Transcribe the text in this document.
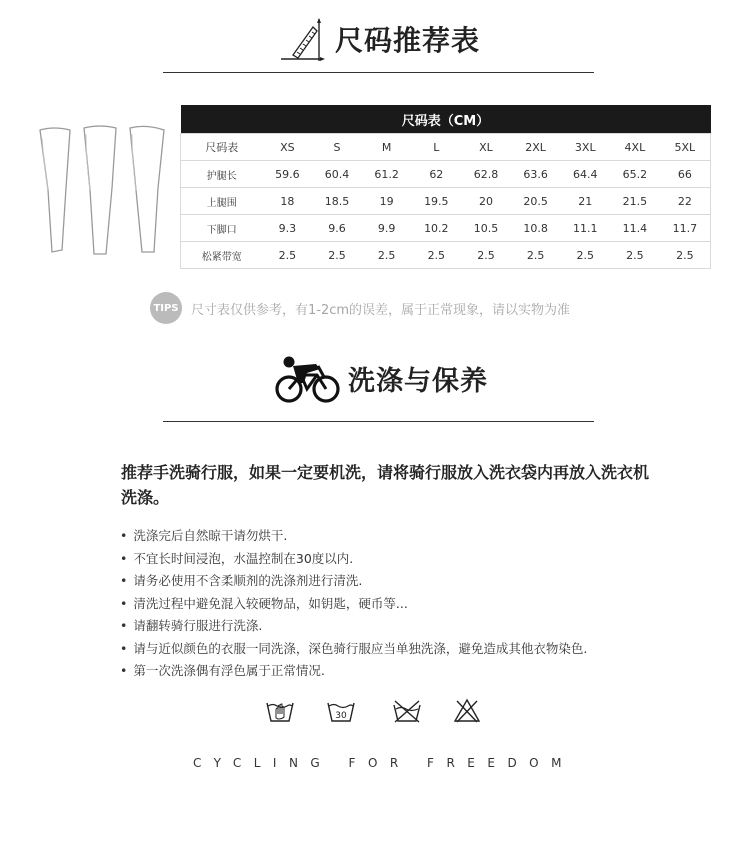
尺码推荐表
尺码表（CM）									
尺码表	XS	S	M	L	XL	2XL	3XL	4XL	5XL
护腿长	59.6	60.4	61.2	62	62.8	63.6	64.4	65.2	66
上腿围	18	18.5	19	19.5	20	20.5	21	21.5	22
下脚口	9.3	9.6	9.9	10.2	10.5	10.8	11.1	11.4	11.7
松紧带宽	2.5	2.5	2.5	2.5	2.5	2.5	2.5	2.5	2.5
TIPS 尺寸表仅供参考，有1-2cm的误差，属于正常现象，请以实物为准
洗涤与保养
推荐手洗骑行服，如果一定要机洗，请将骑行服放入洗衣袋内再放入洗衣机洗涤。
• 洗涤完后自然晾干请勿烘干.
• 不宜长时间浸泡，水温控制在30度以内.
• 请务必使用不含柔顺剂的洗涤剂进行清洗.
• 清洗过程中避免混入较硬物品，如钥匙，硬币等...
• 请翻转骑行服进行洗涤.
• 请与近似颜色的衣服一同洗涤，深色骑行服应当单独洗涤，避免造成其他衣物染色.
• 第一次洗涤偶有浮色属于正常情况.
30
CYCLING FOR FREEDOM
